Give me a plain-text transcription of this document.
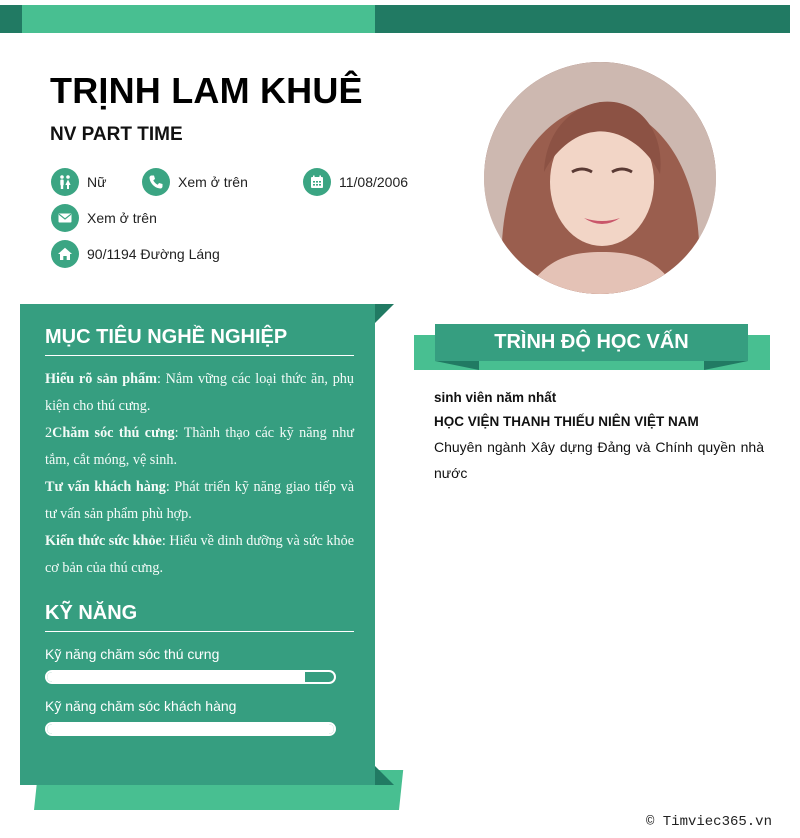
TRỊNH LAM KHUÊ
NV PART TIME
Nữ	Xem ở trên	11/08/2006
Xem ở trên
90/1194 Đường Láng
MỤC TIÊU NGHỀ NGHIỆP

Hiểu rõ sản phẩm: Nắm vững các loại thức ăn, phụ kiện cho thú cưng.

2Chăm sóc thú cưng: Thành thạo các kỹ năng như tắm, cắt móng, vệ sinh.

Tư vấn khách hàng: Phát triển kỹ năng giao tiếp và tư vấn sản phẩm phù hợp.

Kiến thức sức khỏe: Hiểu về dinh dưỡng và sức khỏe cơ bản của thú cưng.

KỸ NĂNG
Kỹ năng chăm sóc thú cưng
Kỹ năng chăm sóc khách hàng
TRÌNH ĐỘ HỌC VẤN
sinh viên năm nhất
HỌC VIỆN THANH THIẾU NIÊN VIỆT NAM
Chuyên ngành Xây dựng Đảng và Chính quyền nhà nước
© Timviec365.vn
